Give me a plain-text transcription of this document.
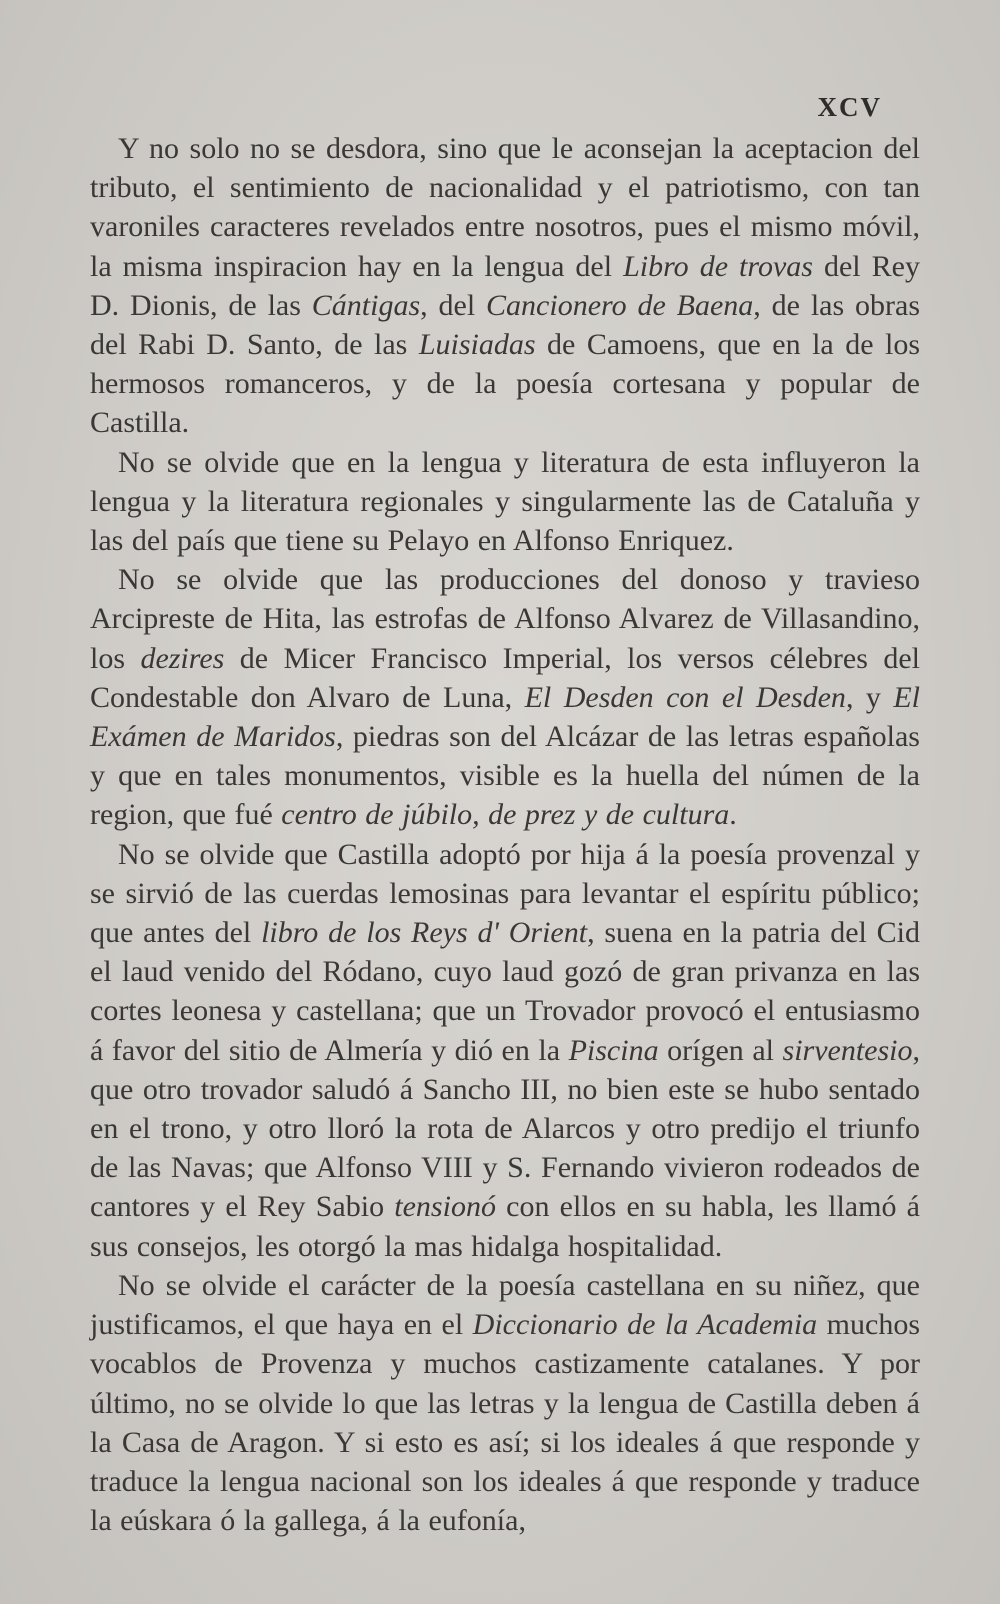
XCV

Y no solo no se desdora, sino que le aconsejan la aceptacion del tributo, el sentimiento de nacionalidad y el patriotismo, con tan varoniles caracteres revelados entre nosotros, pues el mismo móvil, la misma inspiracion hay en la lengua del Libro de trovas del Rey D. Dionis, de las Cántigas, del Cancionero de Baena, de las obras del Rabi D. Santo, de las Luisiadas de Camoens, que en la de los hermosos romanceros, y de la poesía cortesana y popular de Castilla.

No se olvide que en la lengua y literatura de esta influyeron la lengua y la literatura regionales y singularmente las de Cataluña y las del país que tiene su Pelayo en Alfonso Enriquez.

No se olvide que las producciones del donoso y travieso Arcipreste de Hita, las estrofas de Alfonso Alvarez de Villasandino, los dezires de Micer Francisco Imperial, los versos célebres del Condestable don Alvaro de Luna, El Desden con el Desden, y El Exámen de Maridos, piedras son del Alcázar de las letras españolas y que en tales monumentos, visible es la huella del númen de la region, que fué centro de júbilo, de prez y de cultura.

No se olvide que Castilla adoptó por hija á la poesía provenzal y se sirvió de las cuerdas lemosinas para levantar el espíritu público; que antes del libro de los Reys d' Orient, suena en la patria del Cid el laud venido del Ródano, cuyo laud gozó de gran privanza en las cortes leonesa y castellana; que un Trovador provocó el entusiasmo á favor del sitio de Almería y dió en la Piscina orígen al sirventesio, que otro trovador saludó á Sancho III, no bien este se hubo sentado en el trono, y otro lloró la rota de Alarcos y otro predijo el triunfo de las Navas; que Alfonso VIII y S. Fernando vivieron rodeados de cantores y el Rey Sabio tensionó con ellos en su habla, les llamó á sus consejos, les otorgó la mas hidalga hospitalidad.

No se olvide el carácter de la poesía castellana en su niñez, que justificamos, el que haya en el Diccionario de la Academia muchos vocablos de Provenza y muchos castizamente catalanes. Y por último, no se olvide lo que las letras y la lengua de Castilla deben á la Casa de Aragon. Y si esto es así; si los ideales á que responde y traduce la lengua nacional son los ideales á que responde y traduce la eúskara ó la gallega, á la eufonía,
